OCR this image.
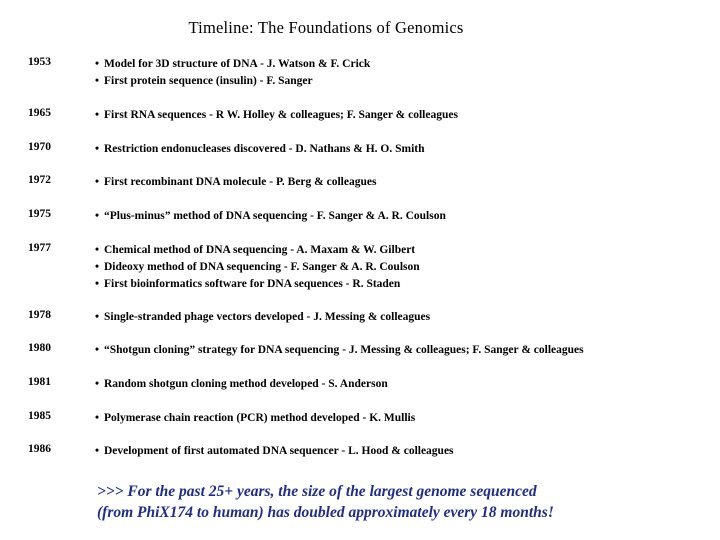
Timeline: The Foundations of Genomics
1953	• Model for 3D structure of DNA - J. Watson & F. Crick
• First protein sequence (insulin) - F. Sanger
1965	• First RNA sequences - R W. Holley & colleagues; F. Sanger & colleagues
1970	• Restriction endonucleases discovered - D. Nathans & H. O. Smith
1972	• First recombinant DNA molecule - P. Berg & colleagues
1975	• “Plus-minus” method of DNA sequencing - F. Sanger & A. R. Coulson
1977	• Chemical method of DNA sequencing - A. Maxam & W. Gilbert
• Dideoxy method of DNA sequencing - F. Sanger & A. R. Coulson
• First bioinformatics software for DNA sequences - R. Staden
1978	• Single-stranded phage vectors developed - J. Messing & colleagues
1980	• “Shotgun cloning” strategy for DNA sequencing - J. Messing & colleagues; F. Sanger & colleagues
1981	• Random shotgun cloning method developed - S. Anderson
1985	• Polymerase chain reaction (PCR) method developed - K. Mullis
1986	• Development of first automated DNA sequencer - L. Hood & colleagues
>>> For the past 25+ years, the size of the largest genome sequenced
(from PhiX174 to human) has doubled approximately every 18 months!
